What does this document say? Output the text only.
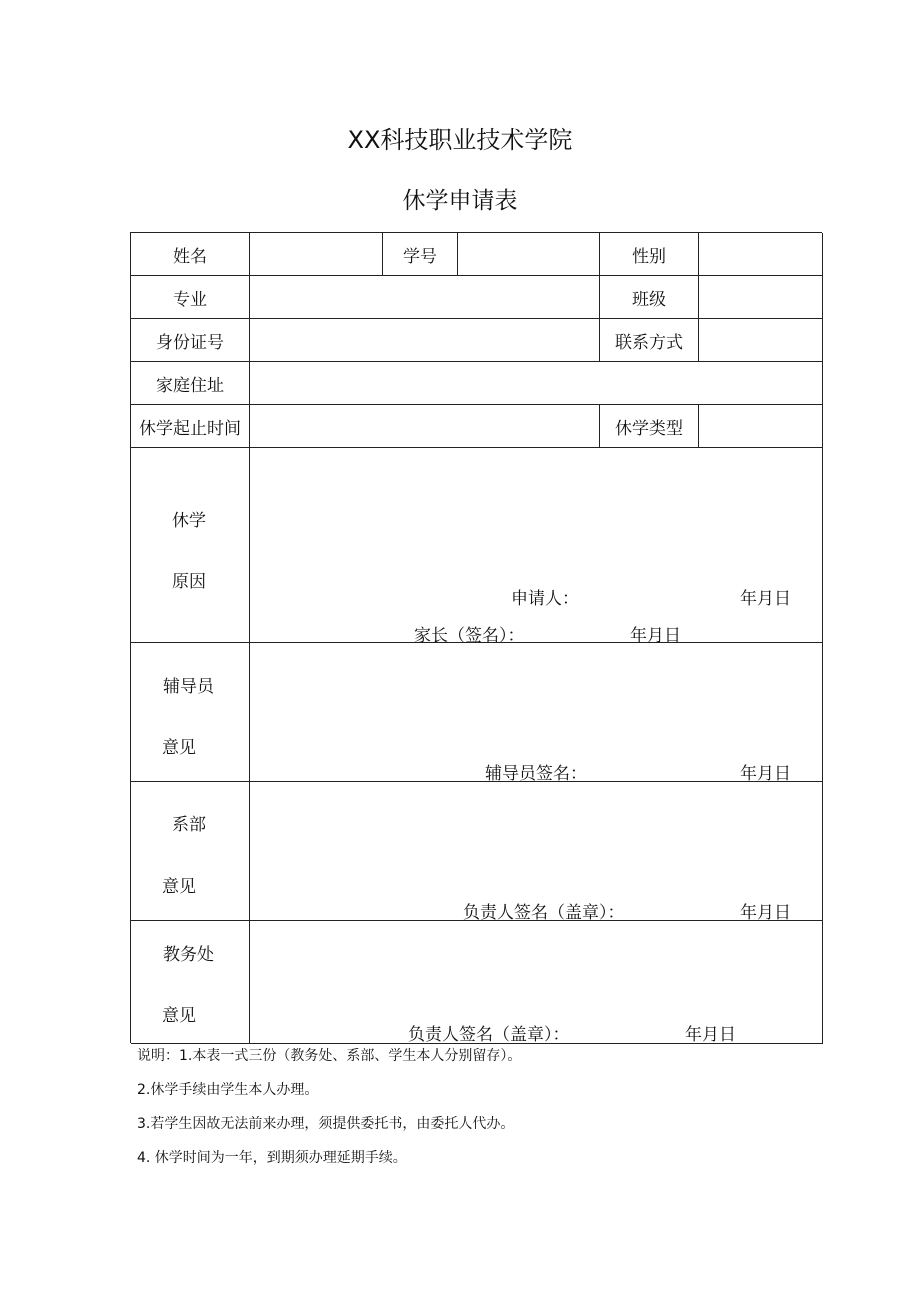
XX科技职业技术学院
休学申请表
姓名	学号	性别
专业	班级
身份证号	联系方式
家庭住址
休学起止时间	休学类型
休学
原因
申请人：	年月日
家长（签名）：	年月日
辅导员
意见
辅导员签名：	年月日
系部
意见
负责人签名（盖章）：	年月日
教务处
意见
负责人签名（盖章）：	年月日
说明：1.本表一式三份（教务处、系部、学生本人分别留存）。
2.休学手续由学生本人办理。
3.若学生因故无法前来办理，须提供委托书，由委托人代办。
4. 休学时间为一年，到期须办理延期手续。
